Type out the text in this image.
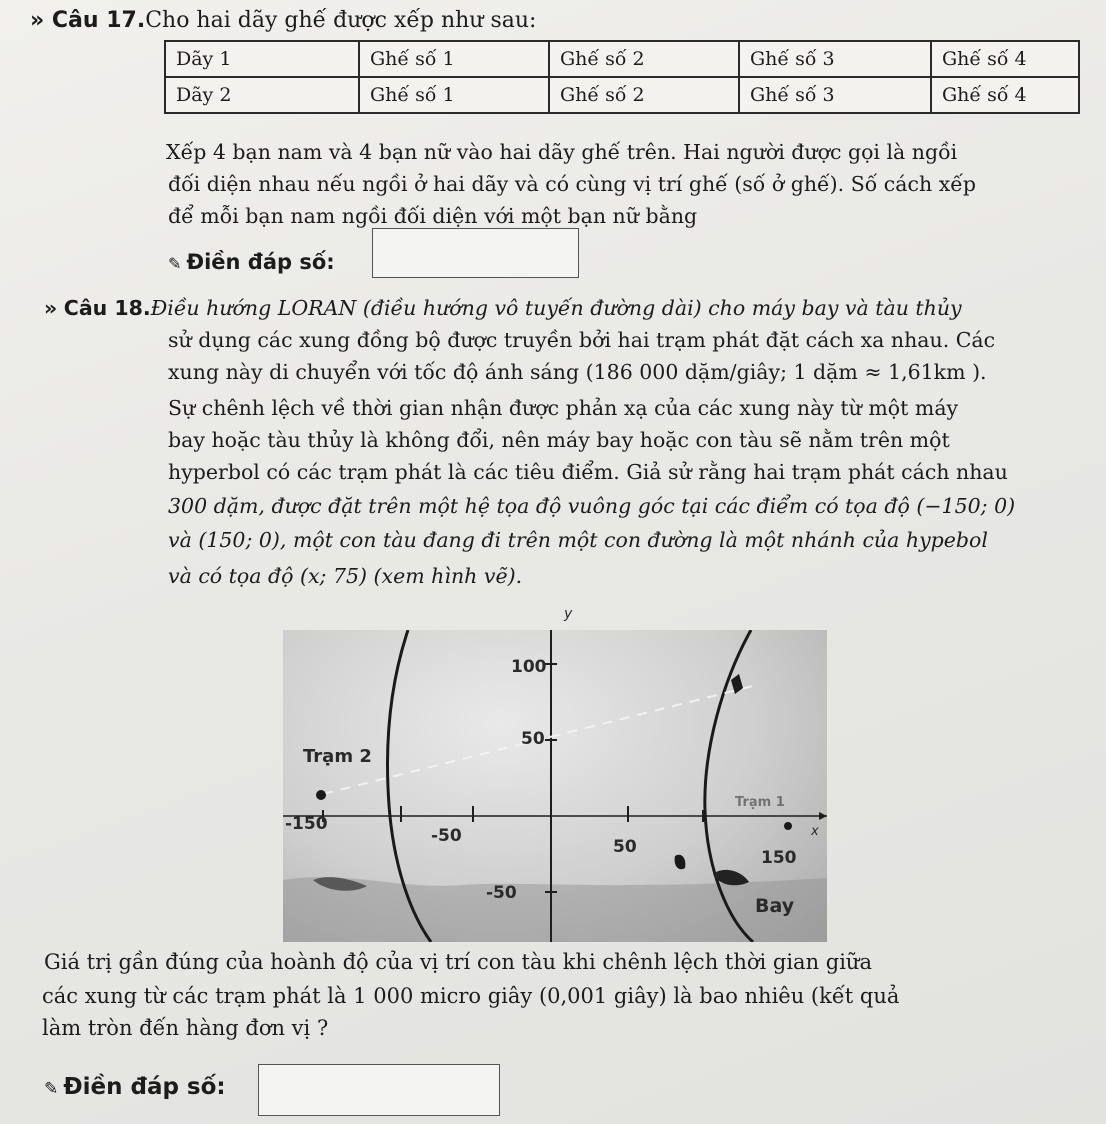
» Câu 17.Cho hai dãy ghế được xếp như sau:
Dãy 1	Ghế số 1	Ghế số 2	Ghế số 3	Ghế số 4
Dãy 2	Ghế số 1	Ghế số 2	Ghế số 3	Ghế số 4
Xếp 4 bạn nam và 4 bạn nữ vào hai dãy ghế trên. Hai người được gọi là ngồi
đối diện nhau nếu ngồi ở hai dãy và có cùng vị trí ghế (số ở ghế). Số cách xếp
để mỗi bạn nam ngồi đối diện với một bạn nữ bằng
✎ Điền đáp số:
» Câu 18.Điều hướng LORAN (điều hướng vô tuyến đường dài) cho máy bay và tàu thủy
sử dụng các xung đồng bộ được truyền bởi hai trạm phát đặt cách xa nhau. Các
xung này di chuyển với tốc độ ánh sáng (186 000 dặm/giây; 1 dặm ≈ 1,61km ).
Sự chênh lệch về thời gian nhận được phản xạ của các xung này từ một máy
bay hoặc tàu thủy là không đổi, nên máy bay hoặc con tàu sẽ nằm trên một
hyperbol có các trạm phát là các tiêu điểm. Giả sử rằng hai trạm phát cách nhau
300 dặm, được đặt trên một hệ tọa độ vuông góc tại các điểm có tọa độ (−150; 0)
và (150; 0), một con tàu đang đi trên một con đường là một nhánh của hypebol
và có tọa độ (x; 75) (xem hình vẽ).
y
100
50
-150
-50
50
150
-50
Trạm 2
Trạm 1
Bay
x
Giá trị gần đúng của hoành độ của vị trí con tàu khi chênh lệch thời gian giữa
các xung từ các trạm phát là 1 000 micro giây (0,001 giây) là bao nhiêu (kết quả
làm tròn đến hàng đơn vị ?
✎ Điền đáp số:
